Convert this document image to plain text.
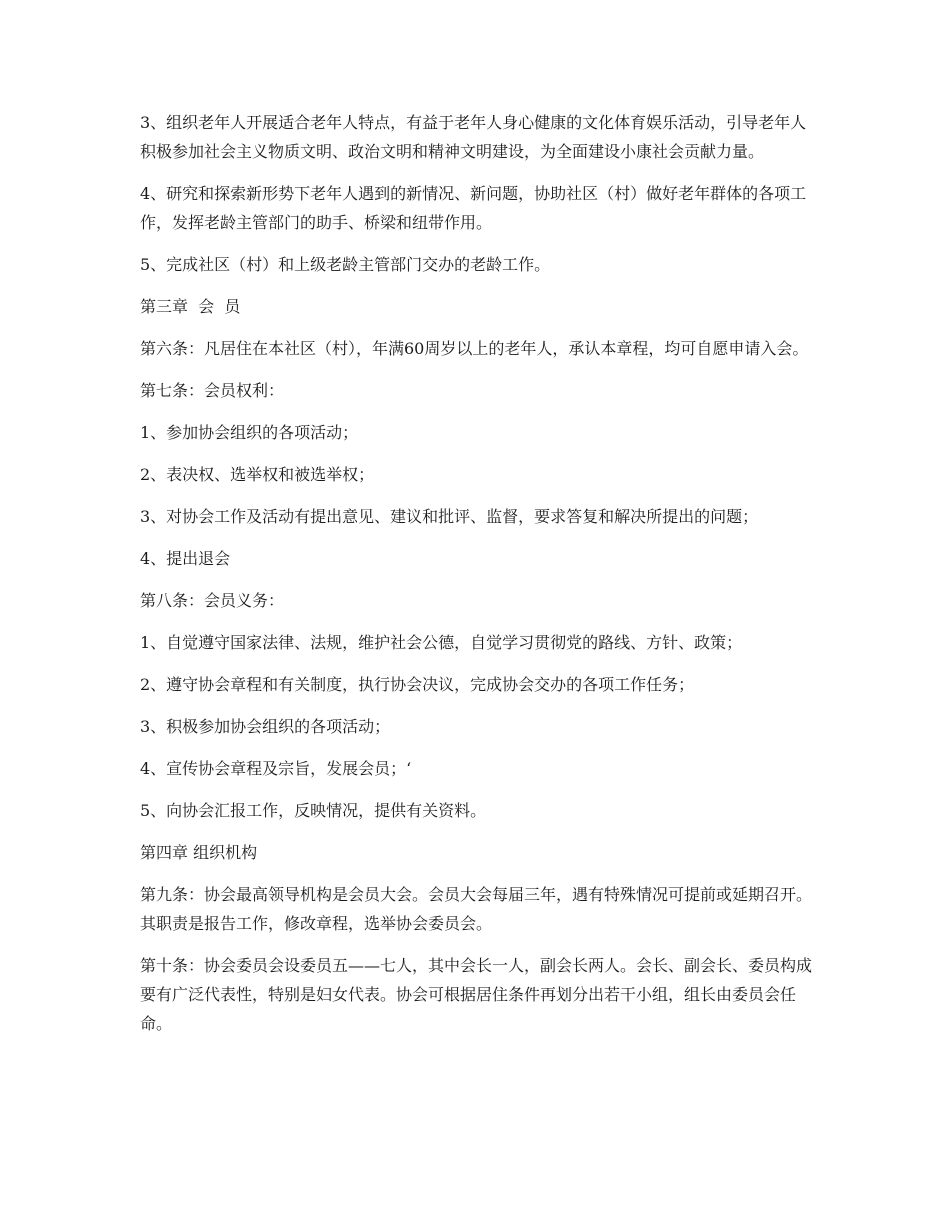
3、组织老年人开展适合老年人特点，有益于老年人身心健康的文化体育娱乐活动，引导老年人积极参加社会主义物质文明、政治文明和精神文明建设，为全面建设小康社会贡献力量。

4、研究和探索新形势下老年人遇到的新情况、新问题，协助社区（村）做好老年群体的各项工作，发挥老龄主管部门的助手、桥梁和纽带作用。

5、完成社区（村）和上级老龄主管部门交办的老龄工作。

第三章  会  员

第六条：凡居住在本社区（村），年满60周岁以上的老年人，承认本章程，均可自愿申请入会。

第七条：会员权利：

1、参加协会组织的各项活动；

2、表决权、选举权和被选举权；

3、对协会工作及活动有提出意见、建议和批评、监督，要求答复和解决所提出的问题；

4、提出退会

第八条：会员义务：

1、自觉遵守国家法律、法规，维护社会公德，自觉学习贯彻党的路线、方针、政策；

2、遵守协会章程和有关制度，执行协会决议，完成协会交办的各项工作任务；

3、积极参加协会组织的各项活动；

4、宣传协会章程及宗旨，发展会员；‘

5、向协会汇报工作，反映情况，提供有关资料。

第四章 组织机构

第九条：协会最高领导机构是会员大会。会员大会每届三年，遇有特殊情况可提前或延期召开。其职责是报告工作，修改章程，选举协会委员会。

第十条：协会委员会设委员五——七人，其中会长一人，副会长两人。会长、副会长、委员构成要有广泛代表性，特别是妇女代表。协会可根据居住条件再划分出若干小组，组长由委员会任命。
